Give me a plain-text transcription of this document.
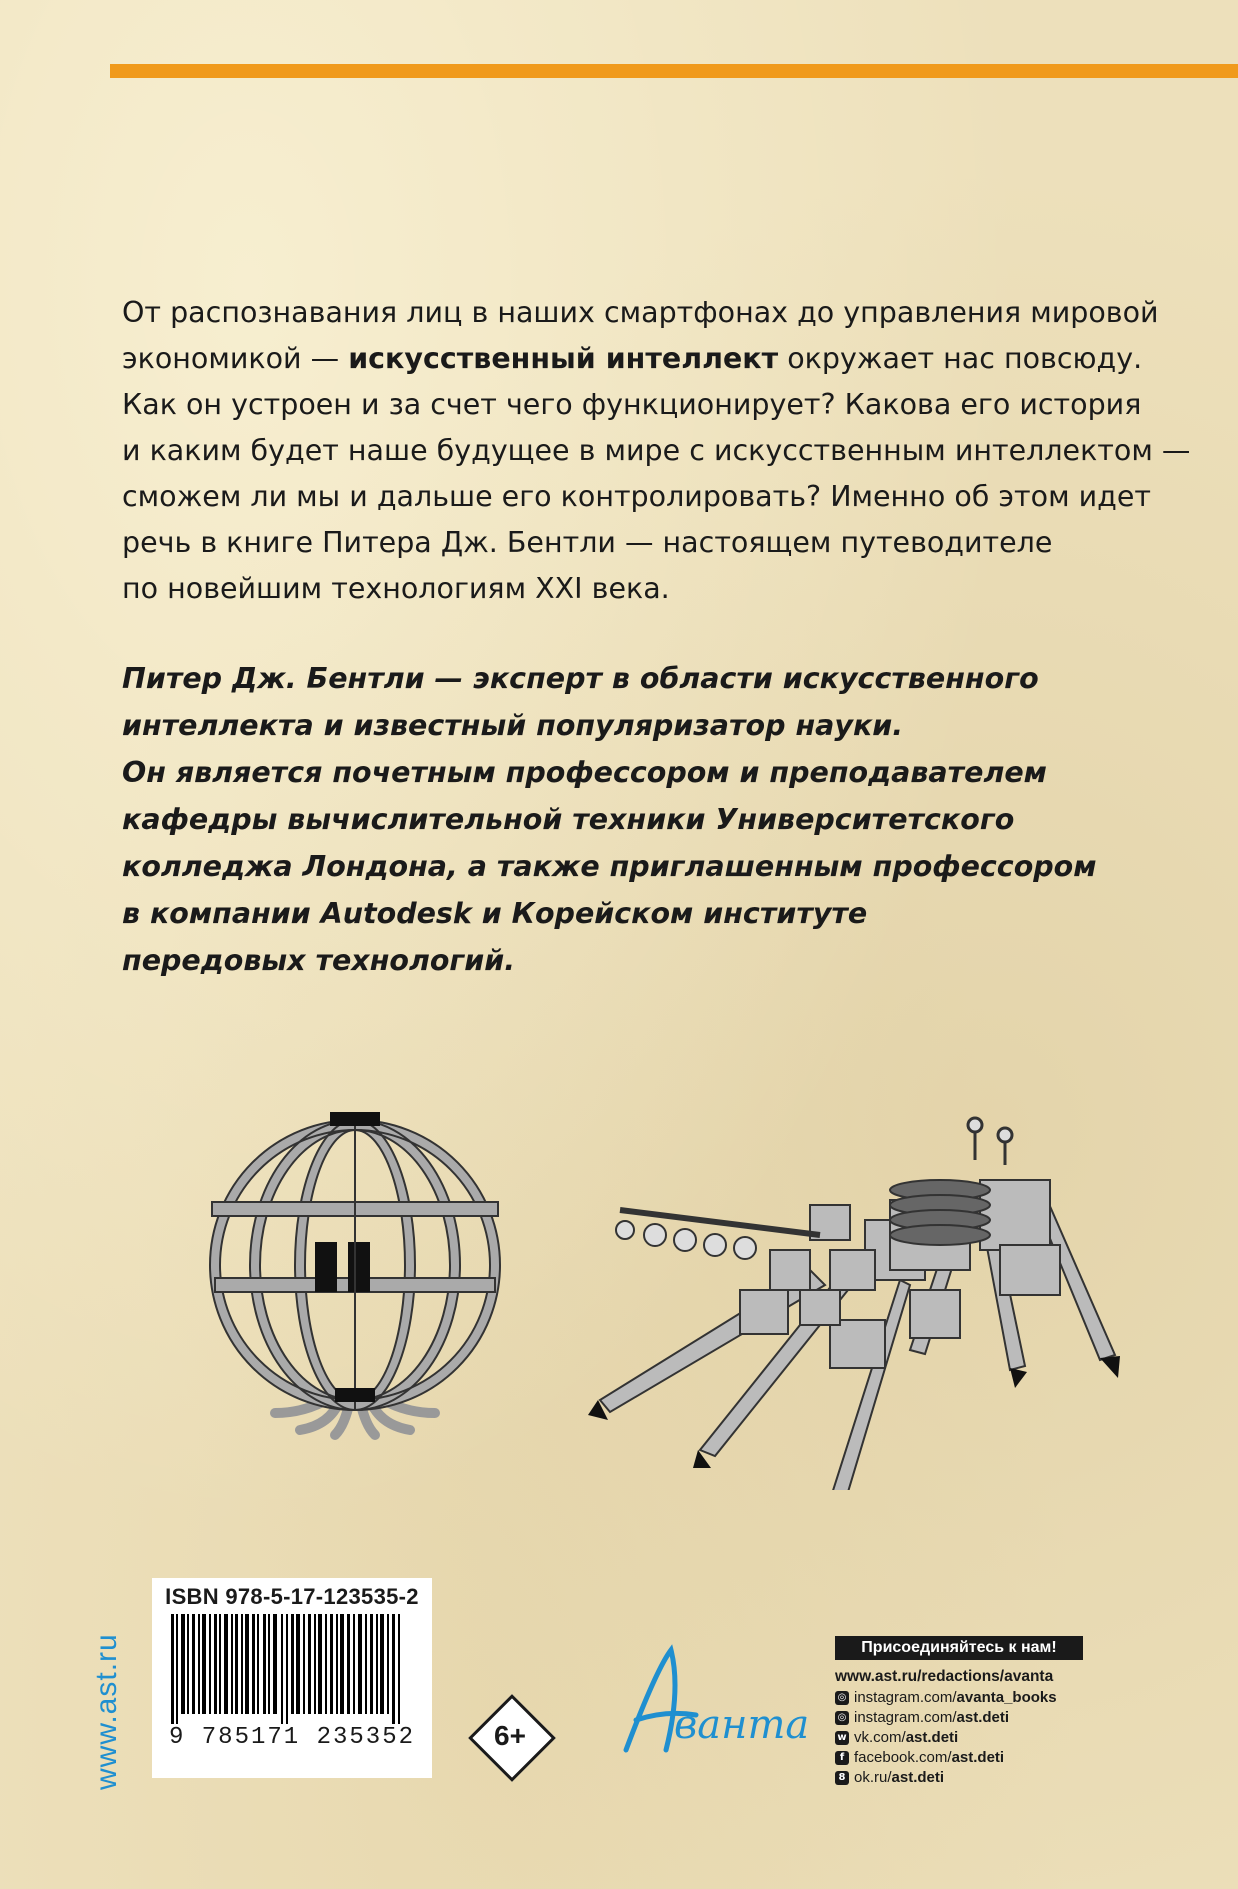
От распознавания лиц в наших смартфонах до управления мировой
экономикой — искусственный интеллект окружает нас повсюду.
Как он устроен и за счет чего функционирует? Какова его история
и каким будет наше будущее в мире с искусственным интеллектом —
сможем ли мы и дальше его контролировать? Именно об этом идет
речь в книге Питера Дж. Бентли — настоящем путеводителе
по новейшим технологиям XXI века.
Питер Дж. Бентли — эксперт в области искусственного
интеллекта и известный популяризатор науки.
Он является почетным профессором и преподавателем
кафедры вычислительной техники Университетского
колледжа Лондона, а также приглашенным профессором
в компании Autodesk и Корейском институте
передовых технологий.
www.ast.ru
ISBN 978-5-17-123535-2
9 785171 235352	6+	ванта
Присоединяйтесь к нам!
www.ast.ru/redactions/avanta
◎ instagram.com/ avanta_books
◎ instagram.com/ ast.deti
w vk.com/ ast.deti
f facebook.com/ ast.deti
8 ok.ru/ ast.deti
